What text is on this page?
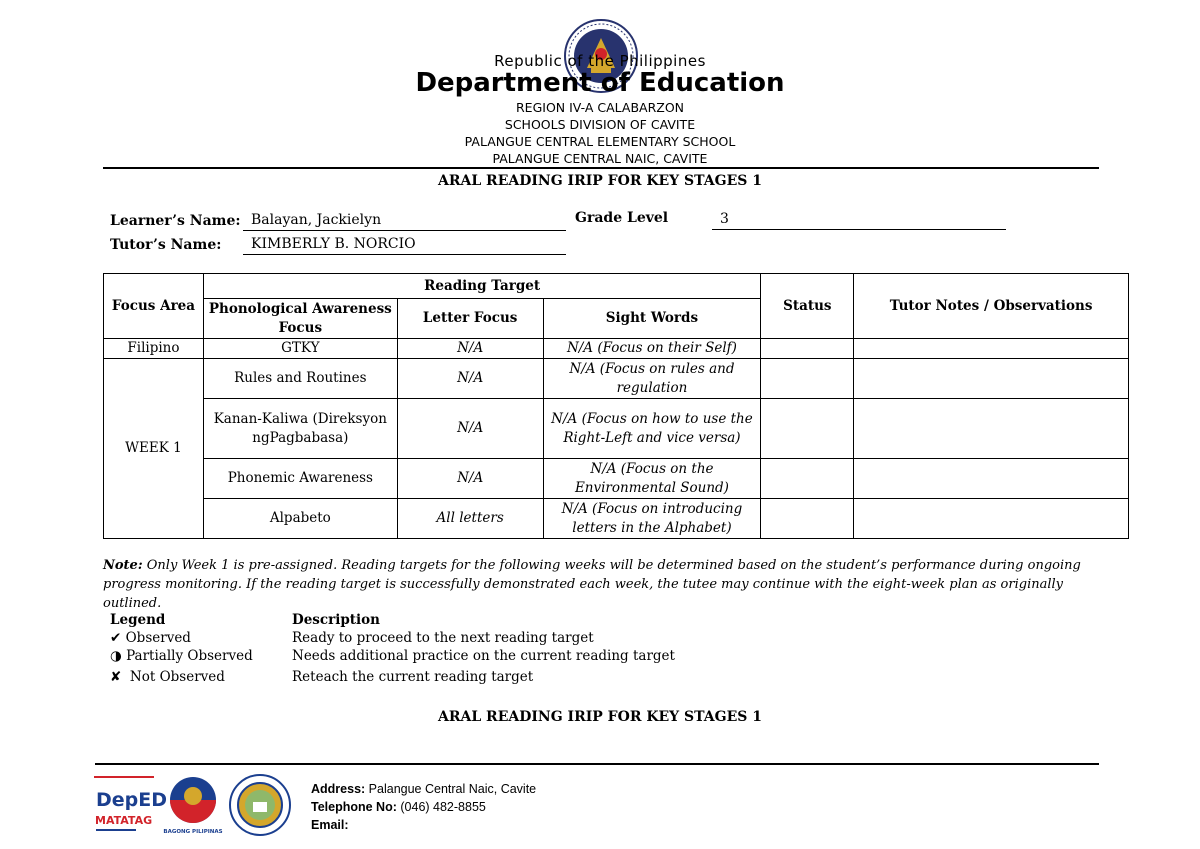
Republic of the Philippines
Department of Education
REGION IV-A CALABARZON
SCHOOLS DIVISION OF CAVITE
PALANGUE CENTRAL ELEMENTARY SCHOOL
PALANGUE CENTRAL NAIC, CAVITE
ARAL READING IRIP FOR KEY STAGES 1
Learner’s Name: Balayan, Jackielyn	Grade Level	3
Tutor’s Name:	KIMBERLY B. NORCIO
Focus Area	Reading Target			Status	Tutor Notes / Observations
	Phonological Awareness Focus	Letter Focus	Sight Words		
Filipino	GTKY	N/A	N/A (Focus on their Self)		
WEEK 1	Rules and Routines	N/A	N/A (Focus on rules and regulation		
	Kanan-Kaliwa (Direksyon ngPagbabasa)	N/A	N/A (Focus on how to use the Right-Left and vice versa)		
	Phonemic Awareness	N/A	N/A (Focus on the Environmental Sound)		
	Alpabeto	All letters	N/A (Focus on introducing letters in the Alphabet)		
Note: Only Week 1 is pre-assigned. Reading targets for the following weeks will be determined based on the student’s performance during ongoing progress monitoring. If the reading target is successfully demonstrated each week, the tutee may continue with the eight-week plan as originally outlined.
Legend	Description
✔ Observed	Ready to proceed to the next reading target
◑ Partially Observed	Needs additional practice on the current reading target
✘ Not Observed	Reteach the current reading target
ARAL READING IRIP FOR KEY STAGES 1
DepED
MATATAG
BAGONG PILIPINAS
Address: Palangue Central Naic, Cavite
Telephone No: (046) 482-8855
Email:
